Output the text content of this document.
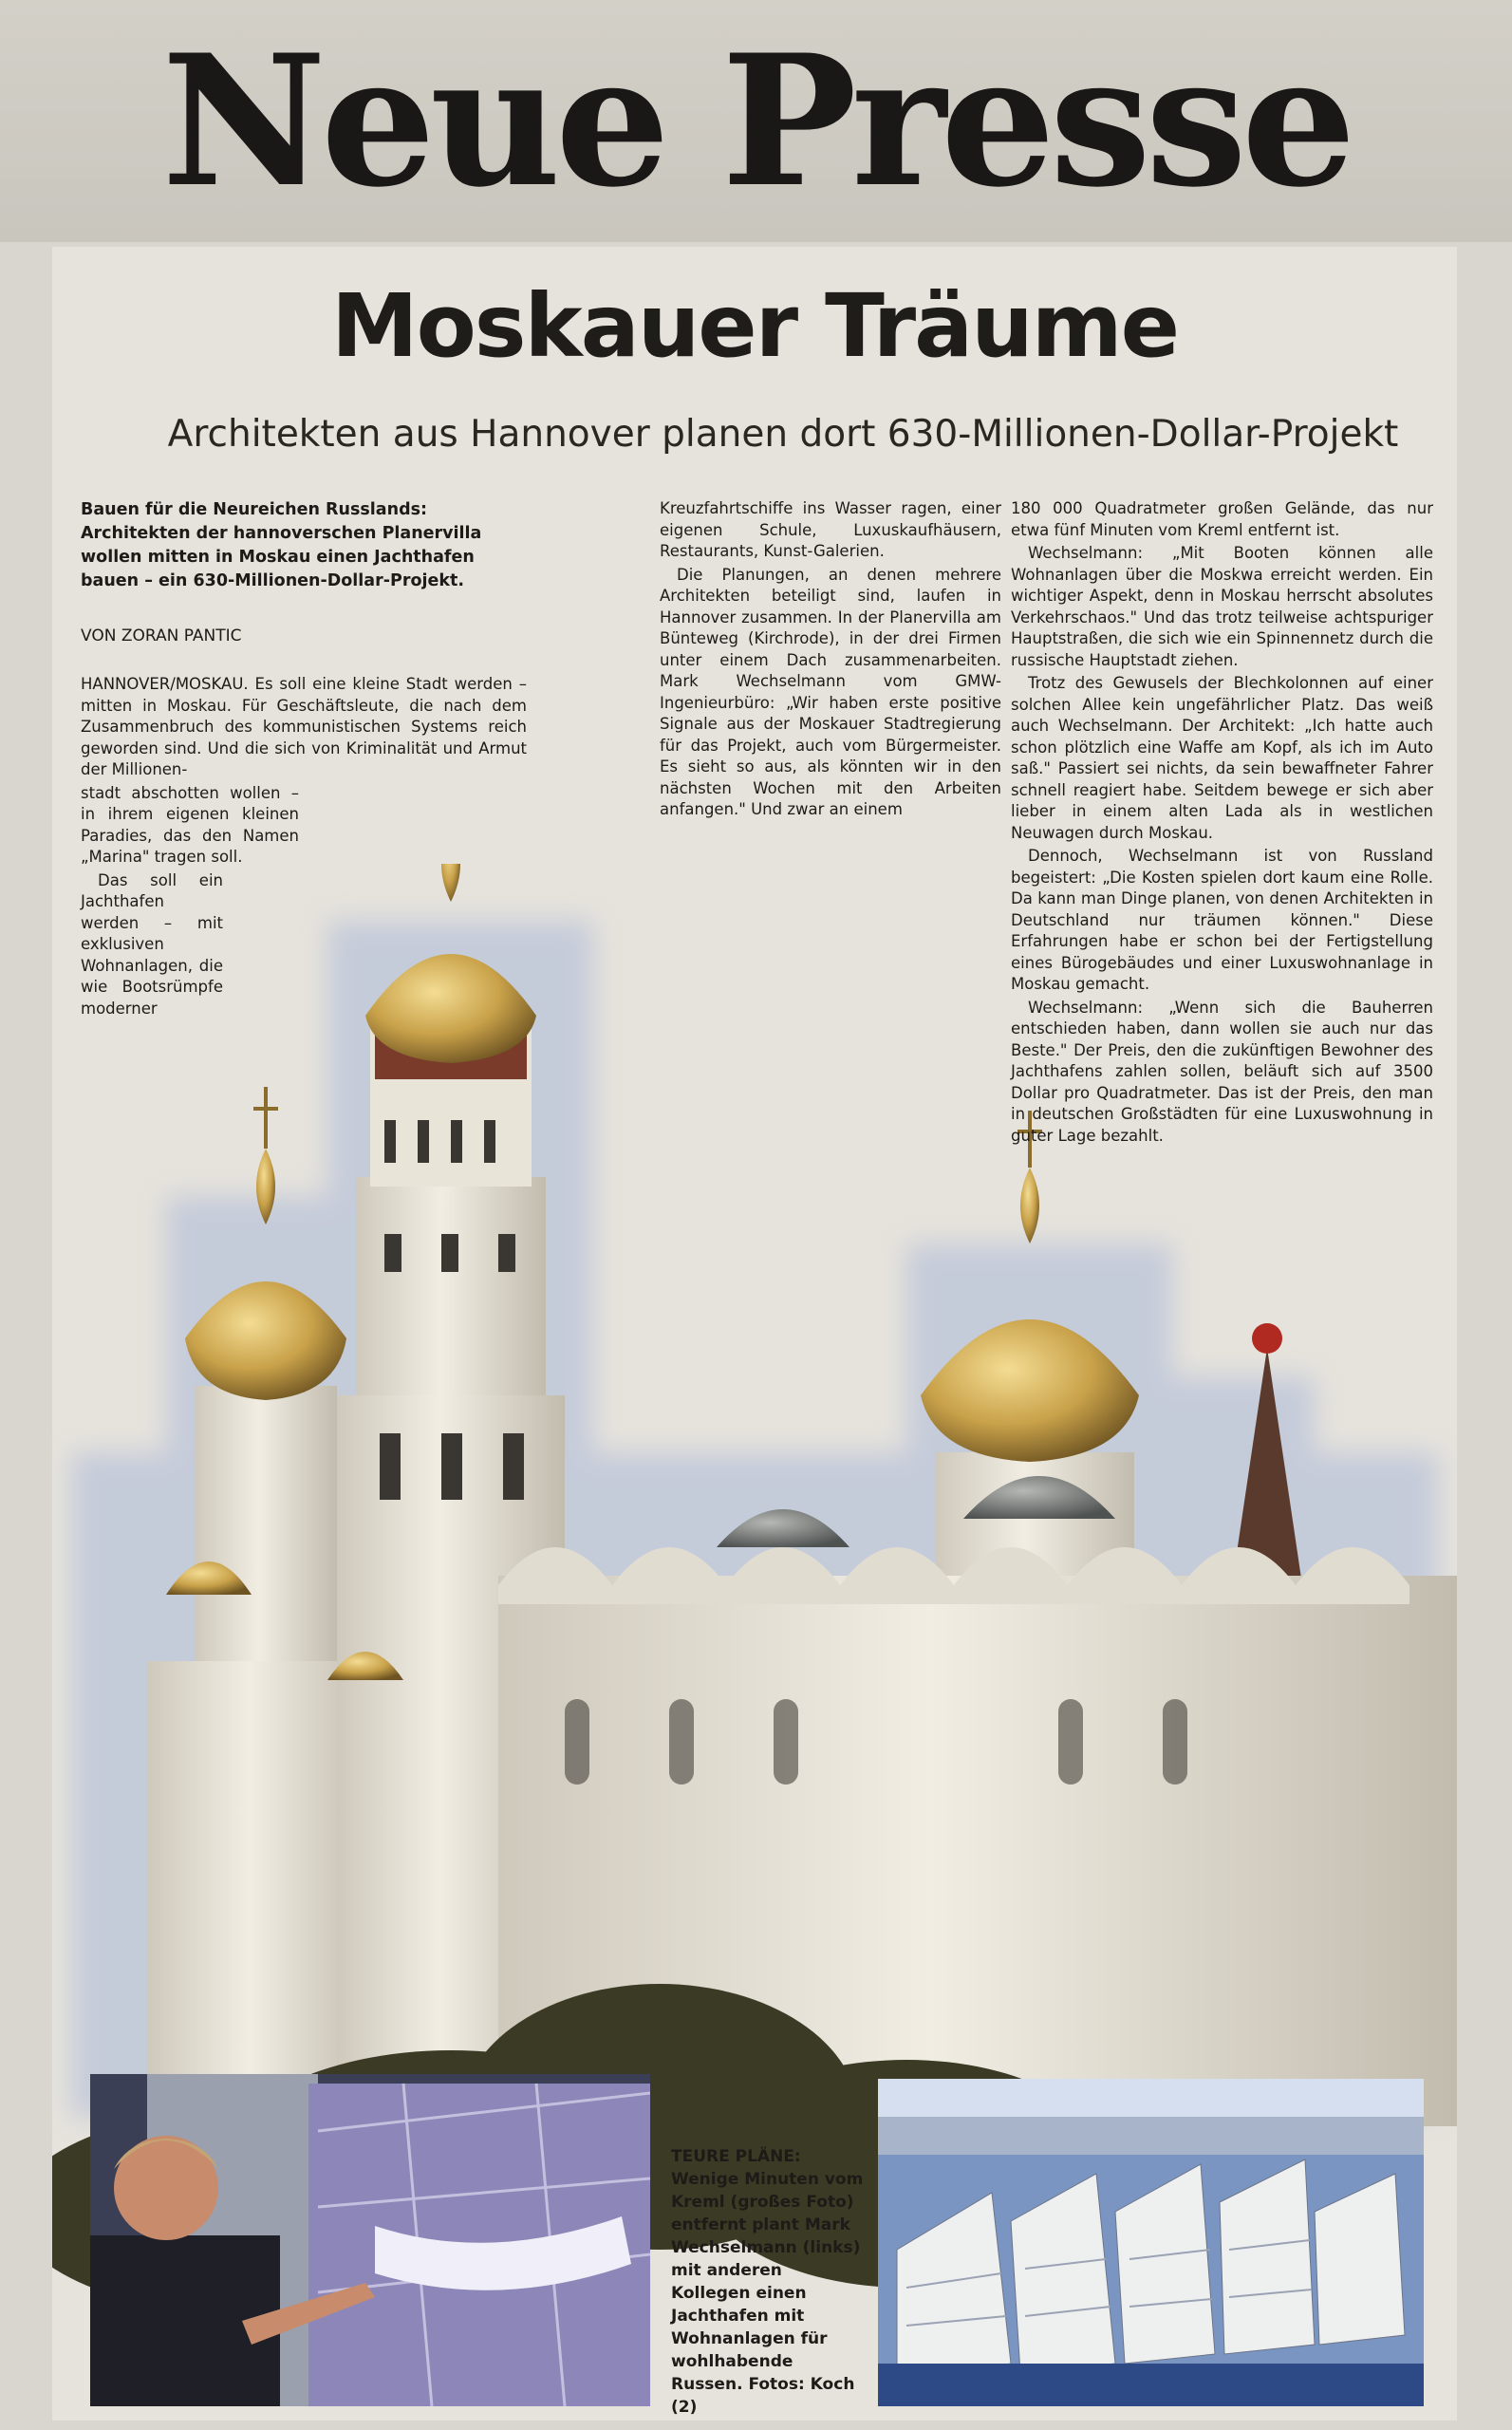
Neue Presse
Moskauer Träume
Architekten aus Hannover planen dort 630-Millionen-Dollar-Projekt

Bauen für die Neureichen Russlands: Architekten der hannoverschen Planervilla wollen mitten in Moskau einen Jachthafen bauen – ein 630-Millionen-Dollar-Projekt.

VON ZORAN PANTIC

HANNOVER/MOSKAU. Es soll eine kleine Stadt werden – mitten in Moskau. Für Geschäftsleute, die nach dem Zusammenbruch des kommunistischen Systems reich geworden sind. Und die sich von Kriminalität und Armut der Millionen-

stadt abschotten wollen – in ihrem eigenen kleinen Paradies, das den Namen „Marina" tragen soll.

Das soll ein Jachthafen werden – mit exklusiven Wohnanlagen, die wie Bootsrümpfe moderner

Kreuzfahrtschiffe ins Wasser ragen, einer eigenen Schule, Luxuskaufhäusern, Restaurants, Kunst-Galerien.

Die Planungen, an denen mehrere Architekten beteiligt sind, laufen in Hannover zusammen. In der Planervilla am Bünteweg (Kirchrode), in der drei Firmen unter einem Dach zusammenarbeiten. Mark Wechselmann vom GMW-Ingenieurbüro: „Wir haben erste positive Signale aus der Moskauer Stadtregierung für das Projekt, auch vom Bürgermeister. Es sieht so aus, als könnten wir in den nächsten Wochen mit den Arbeiten anfangen." Und zwar an einem

180 000 Quadratmeter großen Gelände, das nur etwa fünf Minuten vom Kreml entfernt ist.

Wechselmann: „Mit Booten können alle Wohnanlagen über die Moskwa erreicht werden. Ein wichtiger Aspekt, denn in Moskau herrscht absolutes Verkehrschaos." Und das trotz teilweise achtspuriger Hauptstraßen, die sich wie ein Spinnennetz durch die russische Hauptstadt ziehen.

Trotz des Gewusels der Blechkolonnen auf einer solchen Allee kein ungefährlicher Platz. Das weiß auch Wechselmann. Der Architekt: „Ich hatte auch schon plötzlich eine Waffe am Kopf, als ich im Auto saß." Passiert sei nichts, da sein bewaffneter Fahrer schnell reagiert habe. Seitdem bewege er sich aber lieber in einem alten Lada als in westlichen Neuwagen durch Moskau.

Dennoch, Wechselmann ist von Russland begeistert: „Die Kosten spielen dort kaum eine Rolle. Da kann man Dinge planen, von denen Architekten in Deutschland nur träumen können." Diese Erfahrungen habe er schon bei der Fertigstellung eines Bürogebäudes und einer Luxuswohnanlage in Moskau gemacht.

Wechselmann: „Wenn sich die Bauherren entschieden haben, dann wollen sie auch nur das Beste." Der Preis, den die zukünftigen Bewohner des Jachthafens zahlen sollen, beläuft sich auf 3500 Dollar pro Quadratmeter. Das ist der Preis, den man in deutschen Großstädten für eine Luxuswohnung in guter Lage bezahlt.

TEURE PLÄNE: Wenige Minuten vom Kreml (großes Foto) entfernt plant Mark Wechselmann (links) mit anderen Kollegen einen Jachthafen mit Wohnanlagen für wohlhabende Russen. Fotos: Koch (2)
